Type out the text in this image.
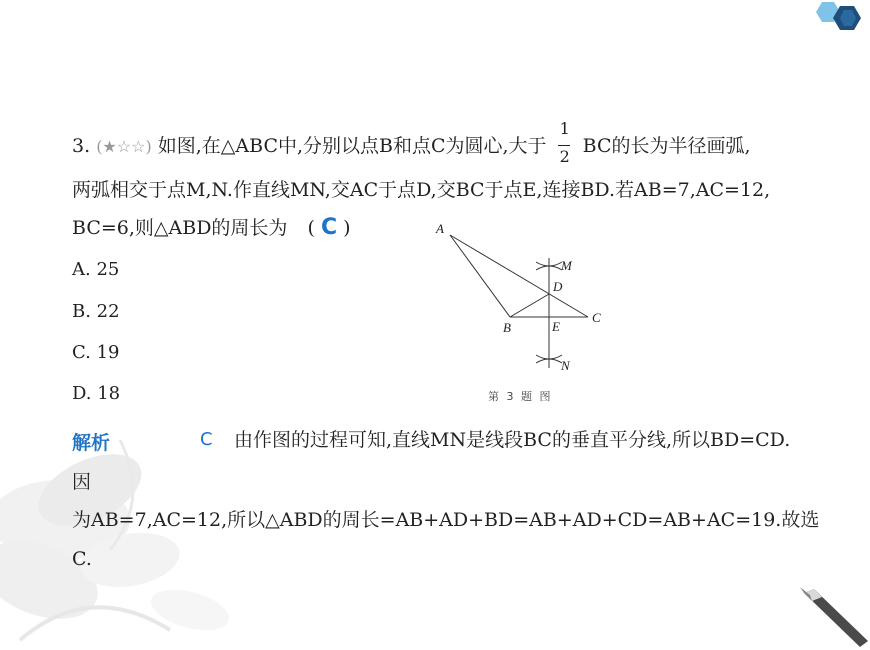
3. (★☆☆) 如图,在△ABC中,分别以点B和点C为圆心,大于 $\frac{1}{2}$ BC的长为半径画弧,
两弧相交于点M,N.作直线MN,交AC于点D,交BC于点E,连接BD.若AB=7,AC=12,
BC=6,则△ABD的周长为 ( C )
A. 25
B. 22
C. 19
D. 18
A
M
D
C
B	E
N
第 3 题 图
解析	C 由作图的过程可知,直线MN是线段BC的垂直平分线,所以BD=CD.
因
为AB=7,AC=12,所以△ABD的周长=AB+AD+BD=AB+AD+CD=AB+AC=19.故选
C.
